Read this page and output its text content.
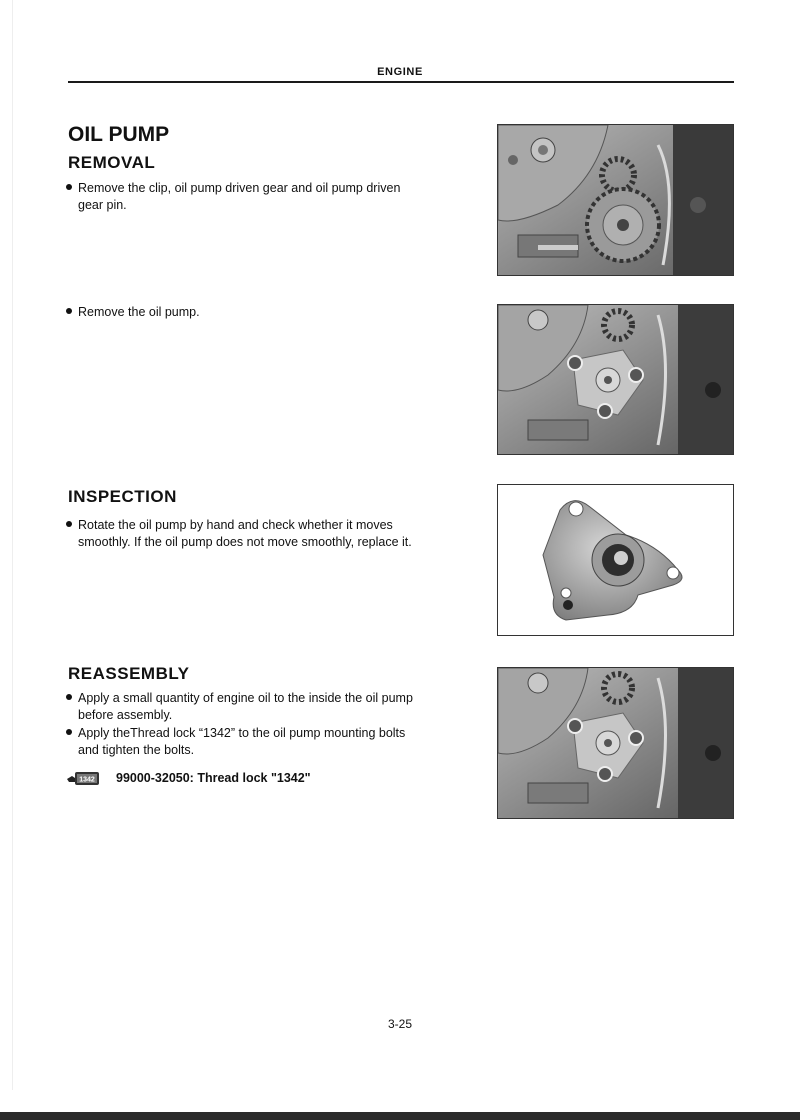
ENGINE
OIL PUMP
REMOVAL
Remove the clip, oil pump driven gear and oil pump driven
gear pin.
Remove the oil pump.
INSPECTION
Rotate the oil pump by hand and check whether it moves
smoothly. If the oil pump does not move smoothly, replace it.
REASSEMBLY
Apply a small quantity of engine oil to the inside the oil pump
before assembly.
Apply theThread lock “1342” to the oil pump mounting bolts
and tighten the bolts.
1342 99000-32050: Thread lock "1342"
3-25
